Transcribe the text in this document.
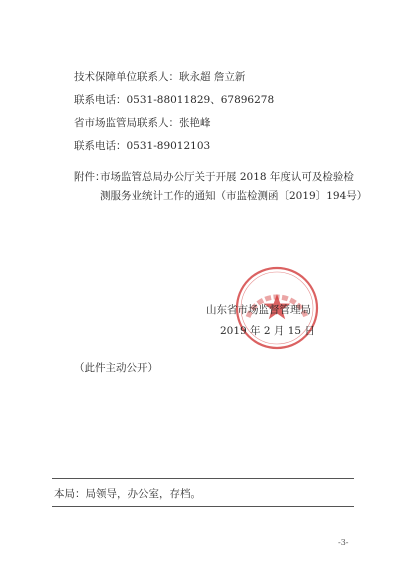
技术保障单位联系人：耿永超 詹立新
联系电话：0531-88011829、67896278
省市场监管局联系人：张艳峰
联系电话：0531-89012103
附件：
市场监管总局办公厅关于开展 2018 年度认可及检验检测服务业统计工作的通知（市监检测函〔2019〕194号）
山东省市场监督管理局
2019 年 2 月 15 日
（此件主动公开）
本局：局领导，办公室，存档。
-3-
